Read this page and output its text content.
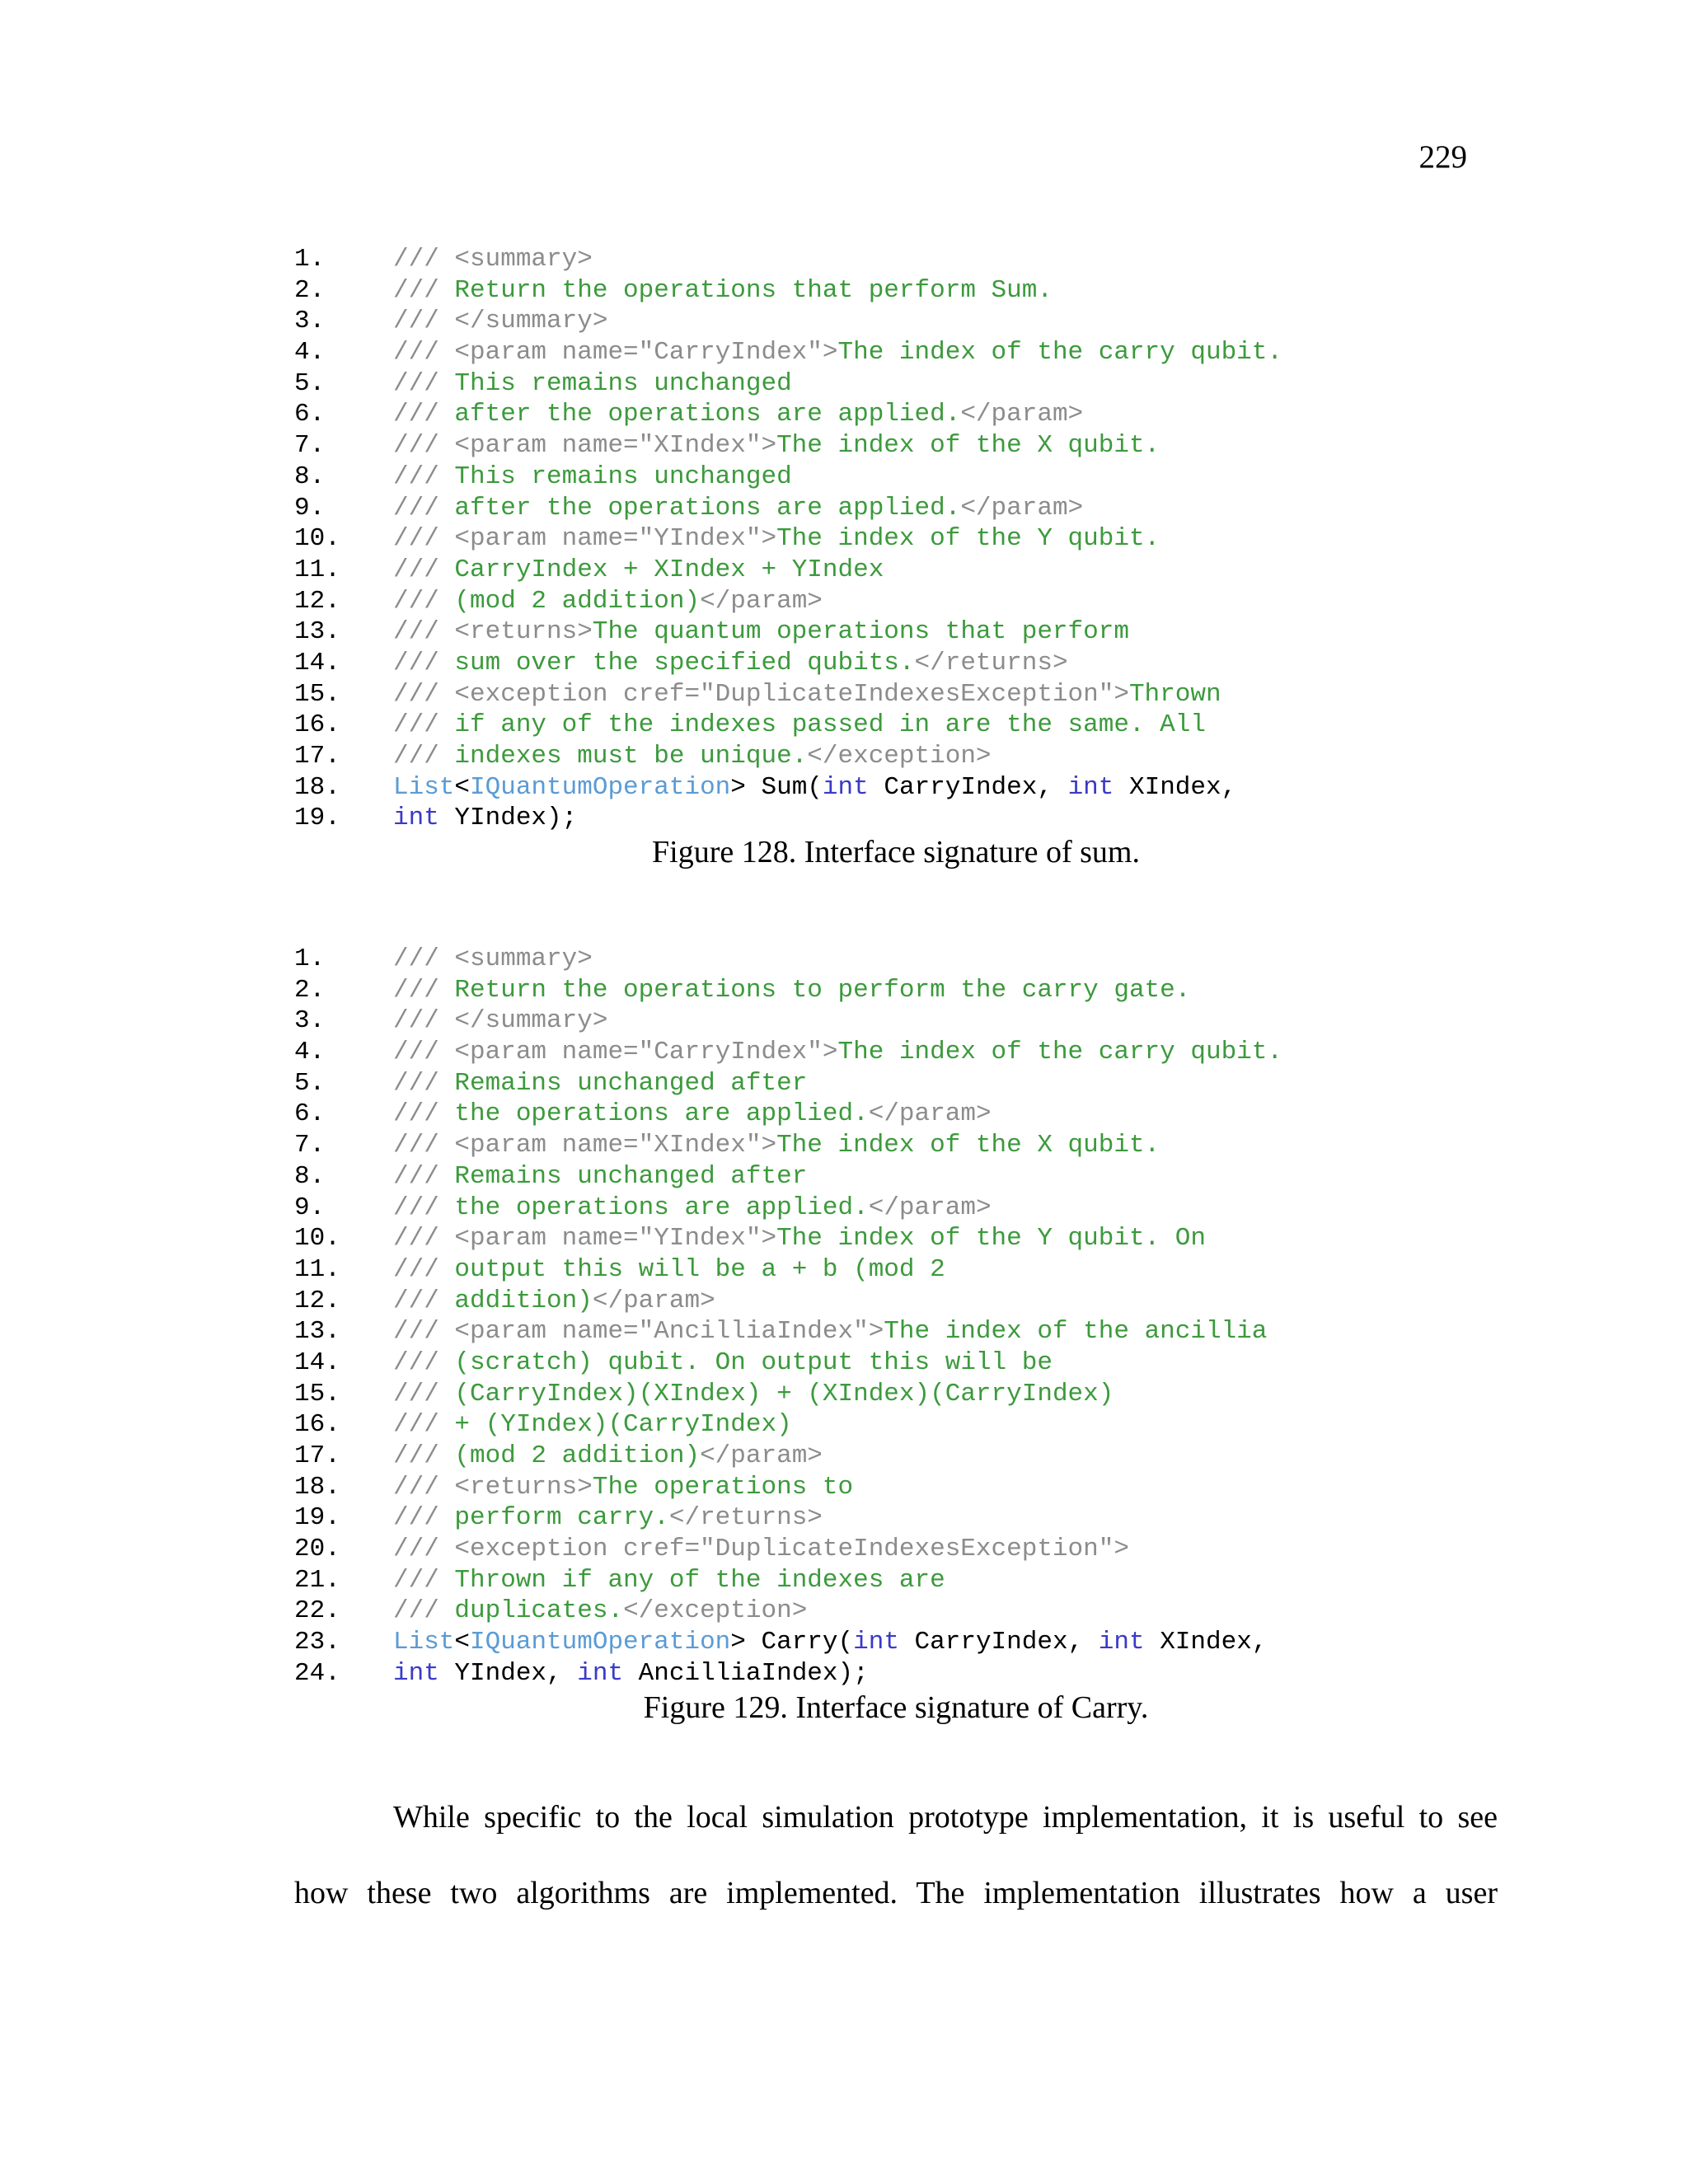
229
1.	/// <summary>
2.	/// Return the operations that perform Sum.
3.	/// </summary>
4.	/// <param name="CarryIndex">The index of the carry qubit.
5.	/// This remains unchanged
6.	/// after the operations are applied.</param>
7.	/// <param name="XIndex">The index of the X qubit.
8.	/// This remains unchanged
9.	/// after the operations are applied.</param>
10. /// <param name="YIndex">The index of the Y qubit.
11. /// CarryIndex + XIndex + YIndex
12. /// (mod 2 addition)</param>
13. /// <returns>The quantum operations that perform
14. /// sum over the specified qubits.</returns>
15. /// <exception cref="DuplicateIndexesException">Thrown
16. /// if any of the indexes passed in are the same. All
17. /// indexes must be unique.</exception>
18. List<IQuantumOperation> Sum(int CarryIndex, int XIndex,
19. int YIndex);
Figure 128. Interface signature of sum.
1.	/// <summary>
2.	/// Return the operations to perform the carry gate.
3.	/// </summary>
4.	/// <param name="CarryIndex">The index of the carry qubit.
5.	/// Remains unchanged after
6.	/// the operations are applied.</param>
7.	/// <param name="XIndex">The index of the X qubit.
8.	/// Remains unchanged after
9.	/// the operations are applied.</param>
10. /// <param name="YIndex">The index of the Y qubit. On
11. /// output this will be a + b (mod 2
12. /// addition)</param>
13. /// <param name="AncilliaIndex">The index of the ancillia
14. /// (scratch) qubit. On output this will be
15. /// (CarryIndex)(XIndex) + (XIndex)(CarryIndex)
16. /// + (YIndex)(CarryIndex)
17. /// (mod 2 addition)</param>
18. /// <returns>The operations to
19. /// perform carry.</returns>
20. /// <exception cref="DuplicateIndexesException">
21. /// Thrown if any of the indexes are
22. /// duplicates.</exception>
23. List<IQuantumOperation> Carry(int CarryIndex, int XIndex,
24. int YIndex, int AncilliaIndex);
Figure 129. Interface signature of Carry.
While specific to the local simulation prototype implementation, it is useful to see
how these two algorithms are implemented. The implementation illustrates how a user
